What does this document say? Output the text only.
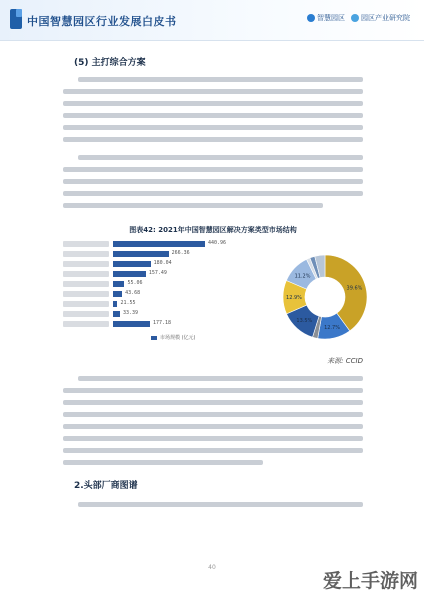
中国智慧园区行业发展白皮书	智慧园区	园区产业研究院
(5) 主打综合方案
图表42: 2021年中国智慧园区解决方案类型市场结构
440.96
266.36
180.04
157.49
55.06
43.68
21.55
33.39
177.18
市场规模 (亿元)
39.6%
12.7%
13.5%
12.9%
11.2%
来源: CCID
2.头部厂商图谱
40
爱上手游网
